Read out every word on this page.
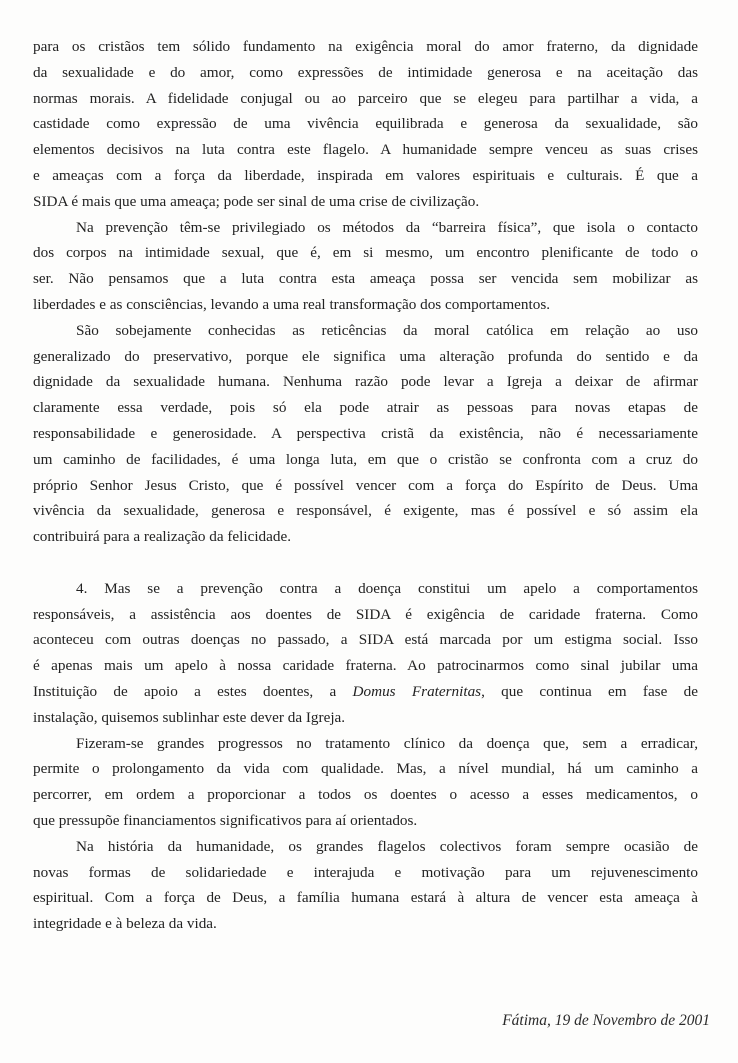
para os cristãos tem sólido fundamento na exigência moral do amor fraterno, da dignidade
da sexualidade e do amor, como expressões de intimidade generosa e na aceitação das
normas morais. A fidelidade conjugal ou ao parceiro que se elegeu para partilhar a vida, a
castidade como expressão de uma vivência equilibrada e generosa da sexualidade, são
elementos decisivos na luta contra este flagelo. A humanidade sempre venceu as suas crises
e ameaças com a força da liberdade, inspirada em valores espirituais e culturais. É que a
SIDA é mais que uma ameaça; pode ser sinal de uma crise de civilização.
Na prevenção têm-se privilegiado os métodos da “barreira física”, que isola o contacto
dos corpos na intimidade sexual, que é, em si mesmo, um encontro plenificante de todo o
ser. Não pensamos que a luta contra esta ameaça possa ser vencida sem mobilizar as
liberdades e as consciências, levando a uma real transformação dos comportamentos.
São sobejamente conhecidas as reticências da moral católica em relação ao uso
generalizado do preservativo, porque ele significa uma alteração profunda do sentido e da
dignidade da sexualidade humana. Nenhuma razão pode levar a Igreja a deixar de afirmar
claramente essa verdade, pois só ela pode atrair as pessoas para novas etapas de
responsabilidade e generosidade. A perspectiva cristã da existência, não é necessariamente
um caminho de facilidades, é uma longa luta, em que o cristão se confronta com a cruz do
próprio Senhor Jesus Cristo, que é possível vencer com a força do Espírito de Deus. Uma
vivência da sexualidade, generosa e responsável, é exigente, mas é possível e só assim ela
contribuirá para a realização da felicidade.
4. Mas se a prevenção contra a doença constitui um apelo a comportamentos
responsáveis, a assistência aos doentes de SIDA é exigência de caridade fraterna. Como
aconteceu com outras doenças no passado, a SIDA está marcada por um estigma social. Isso
é apenas mais um apelo à nossa caridade fraterna. Ao patrocinarmos como sinal jubilar uma
Instituição de apoio a estes doentes, a Domus Fraternitas, que continua em fase de
instalação, quisemos sublinhar este dever da Igreja.
Fizeram-se grandes progressos no tratamento clínico da doença que, sem a erradicar,
permite o prolongamento da vida com qualidade. Mas, a nível mundial, há um caminho a
percorrer, em ordem a proporcionar a todos os doentes o acesso a esses medicamentos, o
que pressupõe financiamentos significativos para aí orientados.
Na história da humanidade, os grandes flagelos colectivos foram sempre ocasião de
novas formas de solidariedade e interajuda e motivação para um rejuvenescimento
espiritual. Com a força de Deus, a família humana estará à altura de vencer esta ameaça à
integridade e à beleza da vida.
Fátima, 19 de Novembro de 2001
